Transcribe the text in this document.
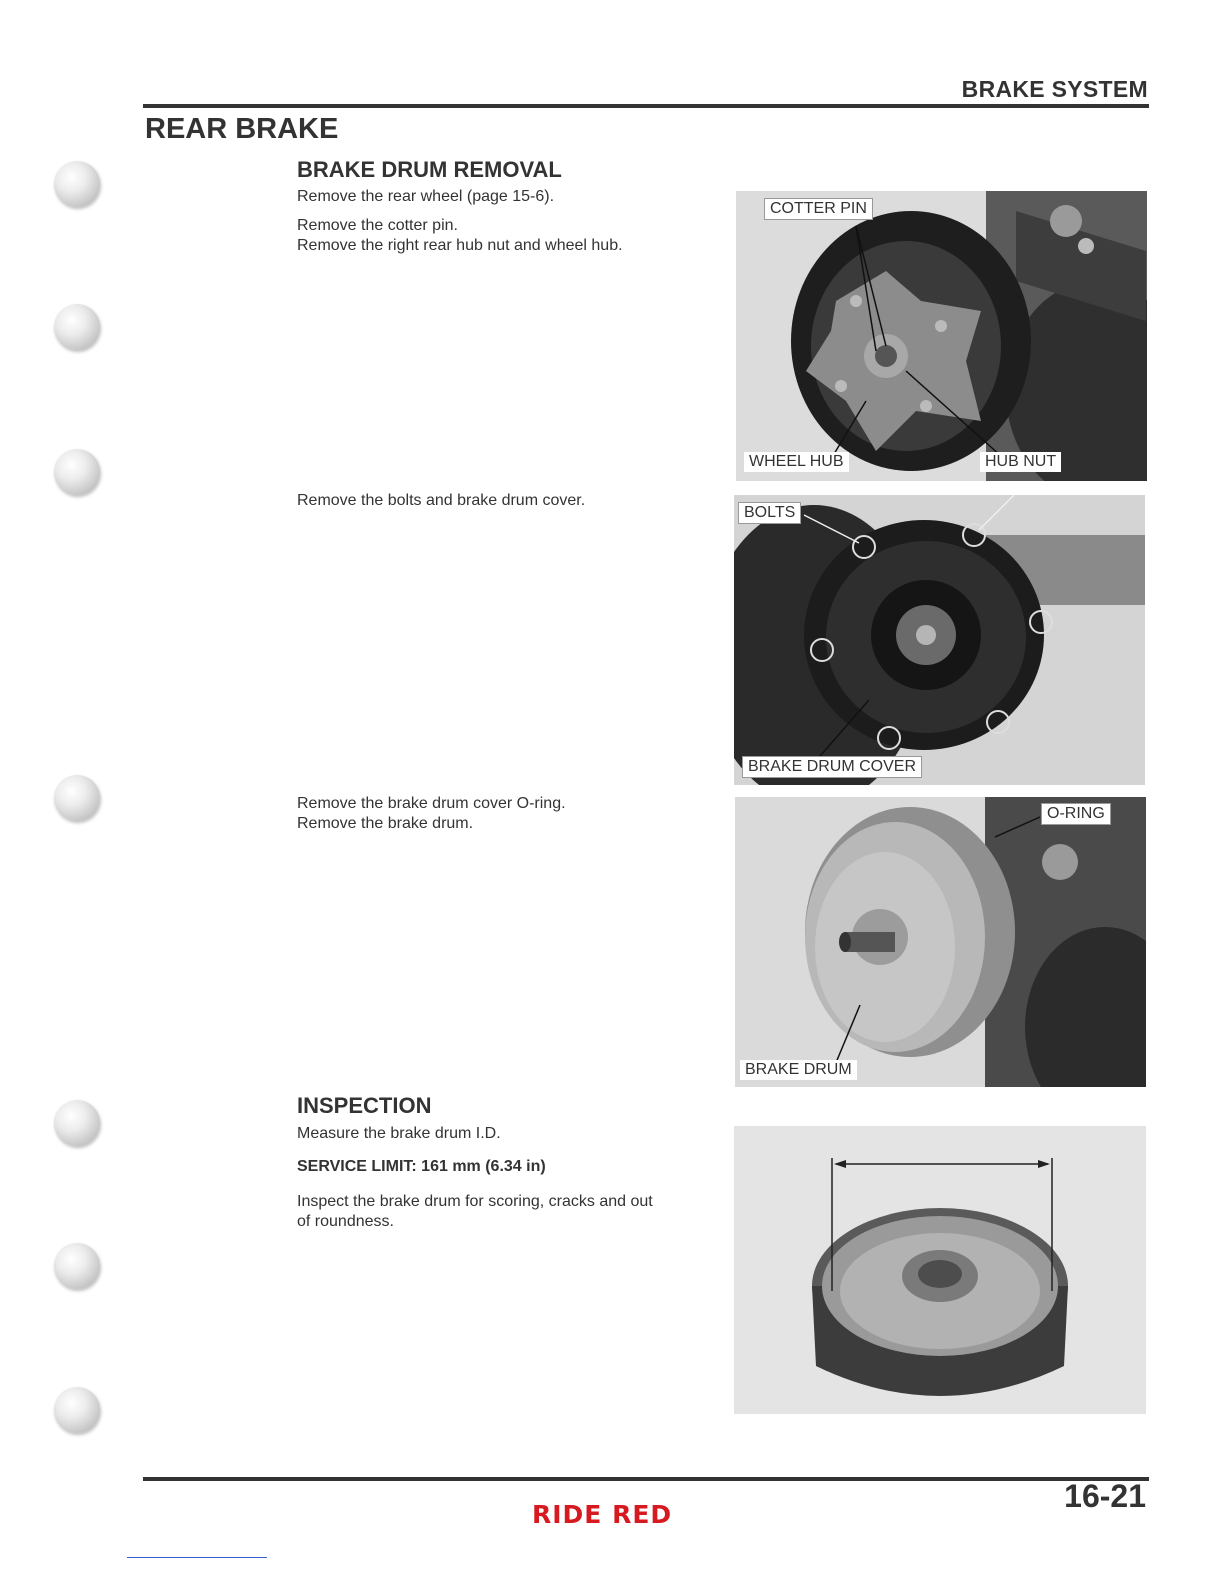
BRAKE SYSTEM
REAR BRAKE
BRAKE DRUM REMOVAL
Remove the rear wheel (page 15-6).
Remove the cotter pin.
Remove the right rear hub nut and wheel hub.
Remove the bolts and brake drum cover.
Remove the brake drum cover O-ring.
Remove the brake drum.
INSPECTION
Measure the brake drum I.D.
SERVICE LIMIT: 161 mm (6.34 in)
Inspect the brake drum for scoring, cracks and out
of roundness.
COTTER PIN
WHEEL HUB	HUB NUT
BOLTS
BRAKE DRUM COVER
O-RING
BRAKE DRUM
16-21
RIDE RED
